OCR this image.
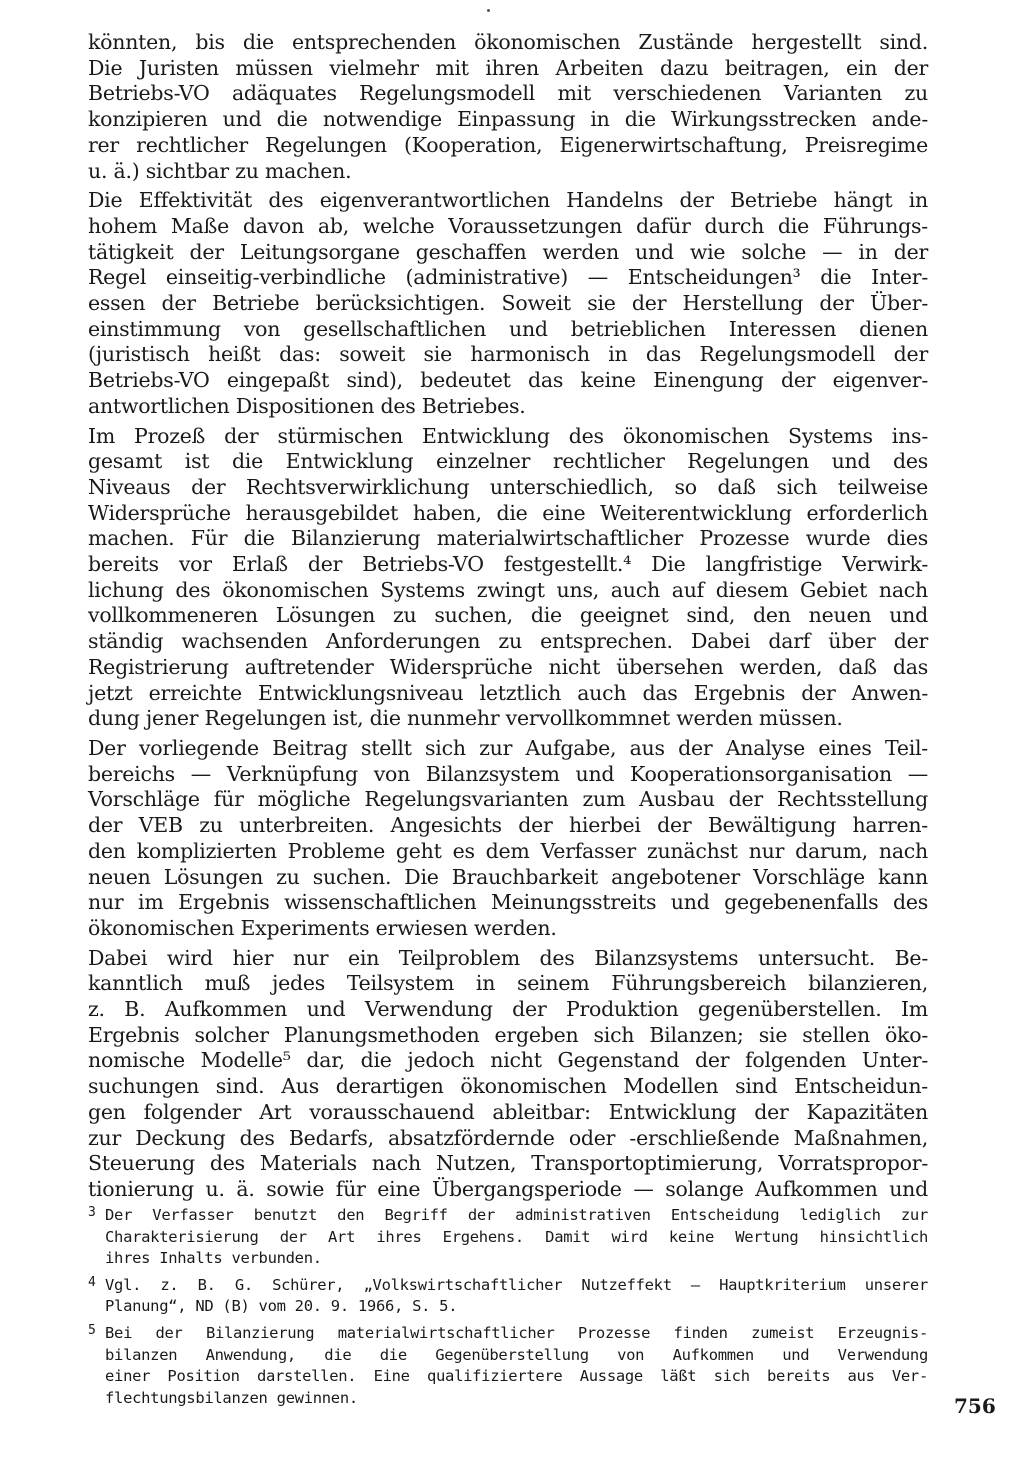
könnten, bis die entsprechenden ökonomischen Zustände hergestellt sind.
Die Juristen müssen vielmehr mit ihren Arbeiten dazu beitragen, ein der
Betriebs-VO adäquates Regelungsmodell mit verschiedenen Varianten zu
konzipieren und die notwendige Einpassung in die Wirkungsstrecken ande-
rer rechtlicher Regelungen (Kooperation, Eigenerwirtschaftung, Preisregime
u. ä.) sichtbar zu machen.
Die Effektivität des eigenverantwortlichen Handelns der Betriebe hängt in
hohem Maße davon ab, welche Voraussetzungen dafür durch die Führungs-
tätigkeit der Leitungsorgane geschaffen werden und wie solche — in der
Regel einseitig-verbindliche (administrative) — Entscheidungen³ die Inter-
essen der Betriebe berücksichtigen. Soweit sie der Herstellung der Über-
einstimmung von gesellschaftlichen und betrieblichen Interessen dienen
(juristisch heißt das: soweit sie harmonisch in das Regelungsmodell der
Betriebs-VO eingepaßt sind), bedeutet das keine Einengung der eigenver-
antwortlichen Dispositionen des Betriebes.
Im Prozeß der stürmischen Entwicklung des ökonomischen Systems ins-
gesamt ist die Entwicklung einzelner rechtlicher Regelungen und des
Niveaus der Rechtsverwirklichung unterschiedlich, so daß sich teilweise
Widersprüche herausgebildet haben, die eine Weiterentwicklung erforderlich
machen. Für die Bilanzierung materialwirtschaftlicher Prozesse wurde dies
bereits vor Erlaß der Betriebs-VO festgestellt.⁴ Die langfristige Verwirk-
lichung des ökonomischen Systems zwingt uns, auch auf diesem Gebiet nach
vollkommeneren Lösungen zu suchen, die geeignet sind, den neuen und
ständig wachsenden Anforderungen zu entsprechen. Dabei darf über der
Registrierung auftretender Widersprüche nicht übersehen werden, daß das
jetzt erreichte Entwicklungsniveau letztlich auch das Ergebnis der Anwen-
dung jener Regelungen ist, die nunmehr vervollkommnet werden müssen.
Der vorliegende Beitrag stellt sich zur Aufgabe, aus der Analyse eines Teil-
bereichs — Verknüpfung von Bilanzsystem und Kooperationsorganisation —
Vorschläge für mögliche Regelungsvarianten zum Ausbau der Rechtsstellung
der VEB zu unterbreiten. Angesichts der hierbei der Bewältigung harren-
den komplizierten Probleme geht es dem Verfasser zunächst nur darum, nach
neuen Lösungen zu suchen. Die Brauchbarkeit angebotener Vorschläge kann
nur im Ergebnis wissenschaftlichen Meinungsstreits und gegebenenfalls des
ökonomischen Experiments erwiesen werden.
Dabei wird hier nur ein Teilproblem des Bilanzsystems untersucht. Be-
kanntlich muß jedes Teilsystem in seinem Führungsbereich bilanzieren,
z. B. Aufkommen und Verwendung der Produktion gegenüberstellen. Im
Ergebnis solcher Planungsmethoden ergeben sich Bilanzen; sie stellen öko-
nomische Modelle⁵ dar, die jedoch nicht Gegenstand der folgenden Unter-
suchungen sind. Aus derartigen ökonomischen Modellen sind Entscheidun-
gen folgender Art vorausschauend ableitbar: Entwicklung der Kapazitäten
zur Deckung des Bedarfs, absatzfördernde oder -erschließende Maßnahmen,
Steuerung des Materials nach Nutzen, Transportoptimierung, Vorratspropor-
tionierung u. ä. sowie für eine Übergangsperiode — solange Aufkommen und
3 Der Verfasser benutzt den Begriff der administrativen Entscheidung lediglich zur
Charakterisierung der Art ihres Ergehens. Damit wird keine Wertung hinsichtlich
ihres Inhalts verbunden.
4 Vgl. z. B. G. Schürer, „Volkswirtschaftlicher Nutzeffekt — Hauptkriterium unserer
Planung“, ND (B) vom 20. 9. 1966, S. 5.
5 Bei der Bilanzierung materialwirtschaftlicher Prozesse finden zumeist Erzeugnis-
bilanzen Anwendung, die die Gegenüberstellung von Aufkommen und Verwendung
einer Position darstellen. Eine qualifiziertere Aussage läßt sich bereits aus Ver-
flechtungsbilanzen gewinnen.	756
